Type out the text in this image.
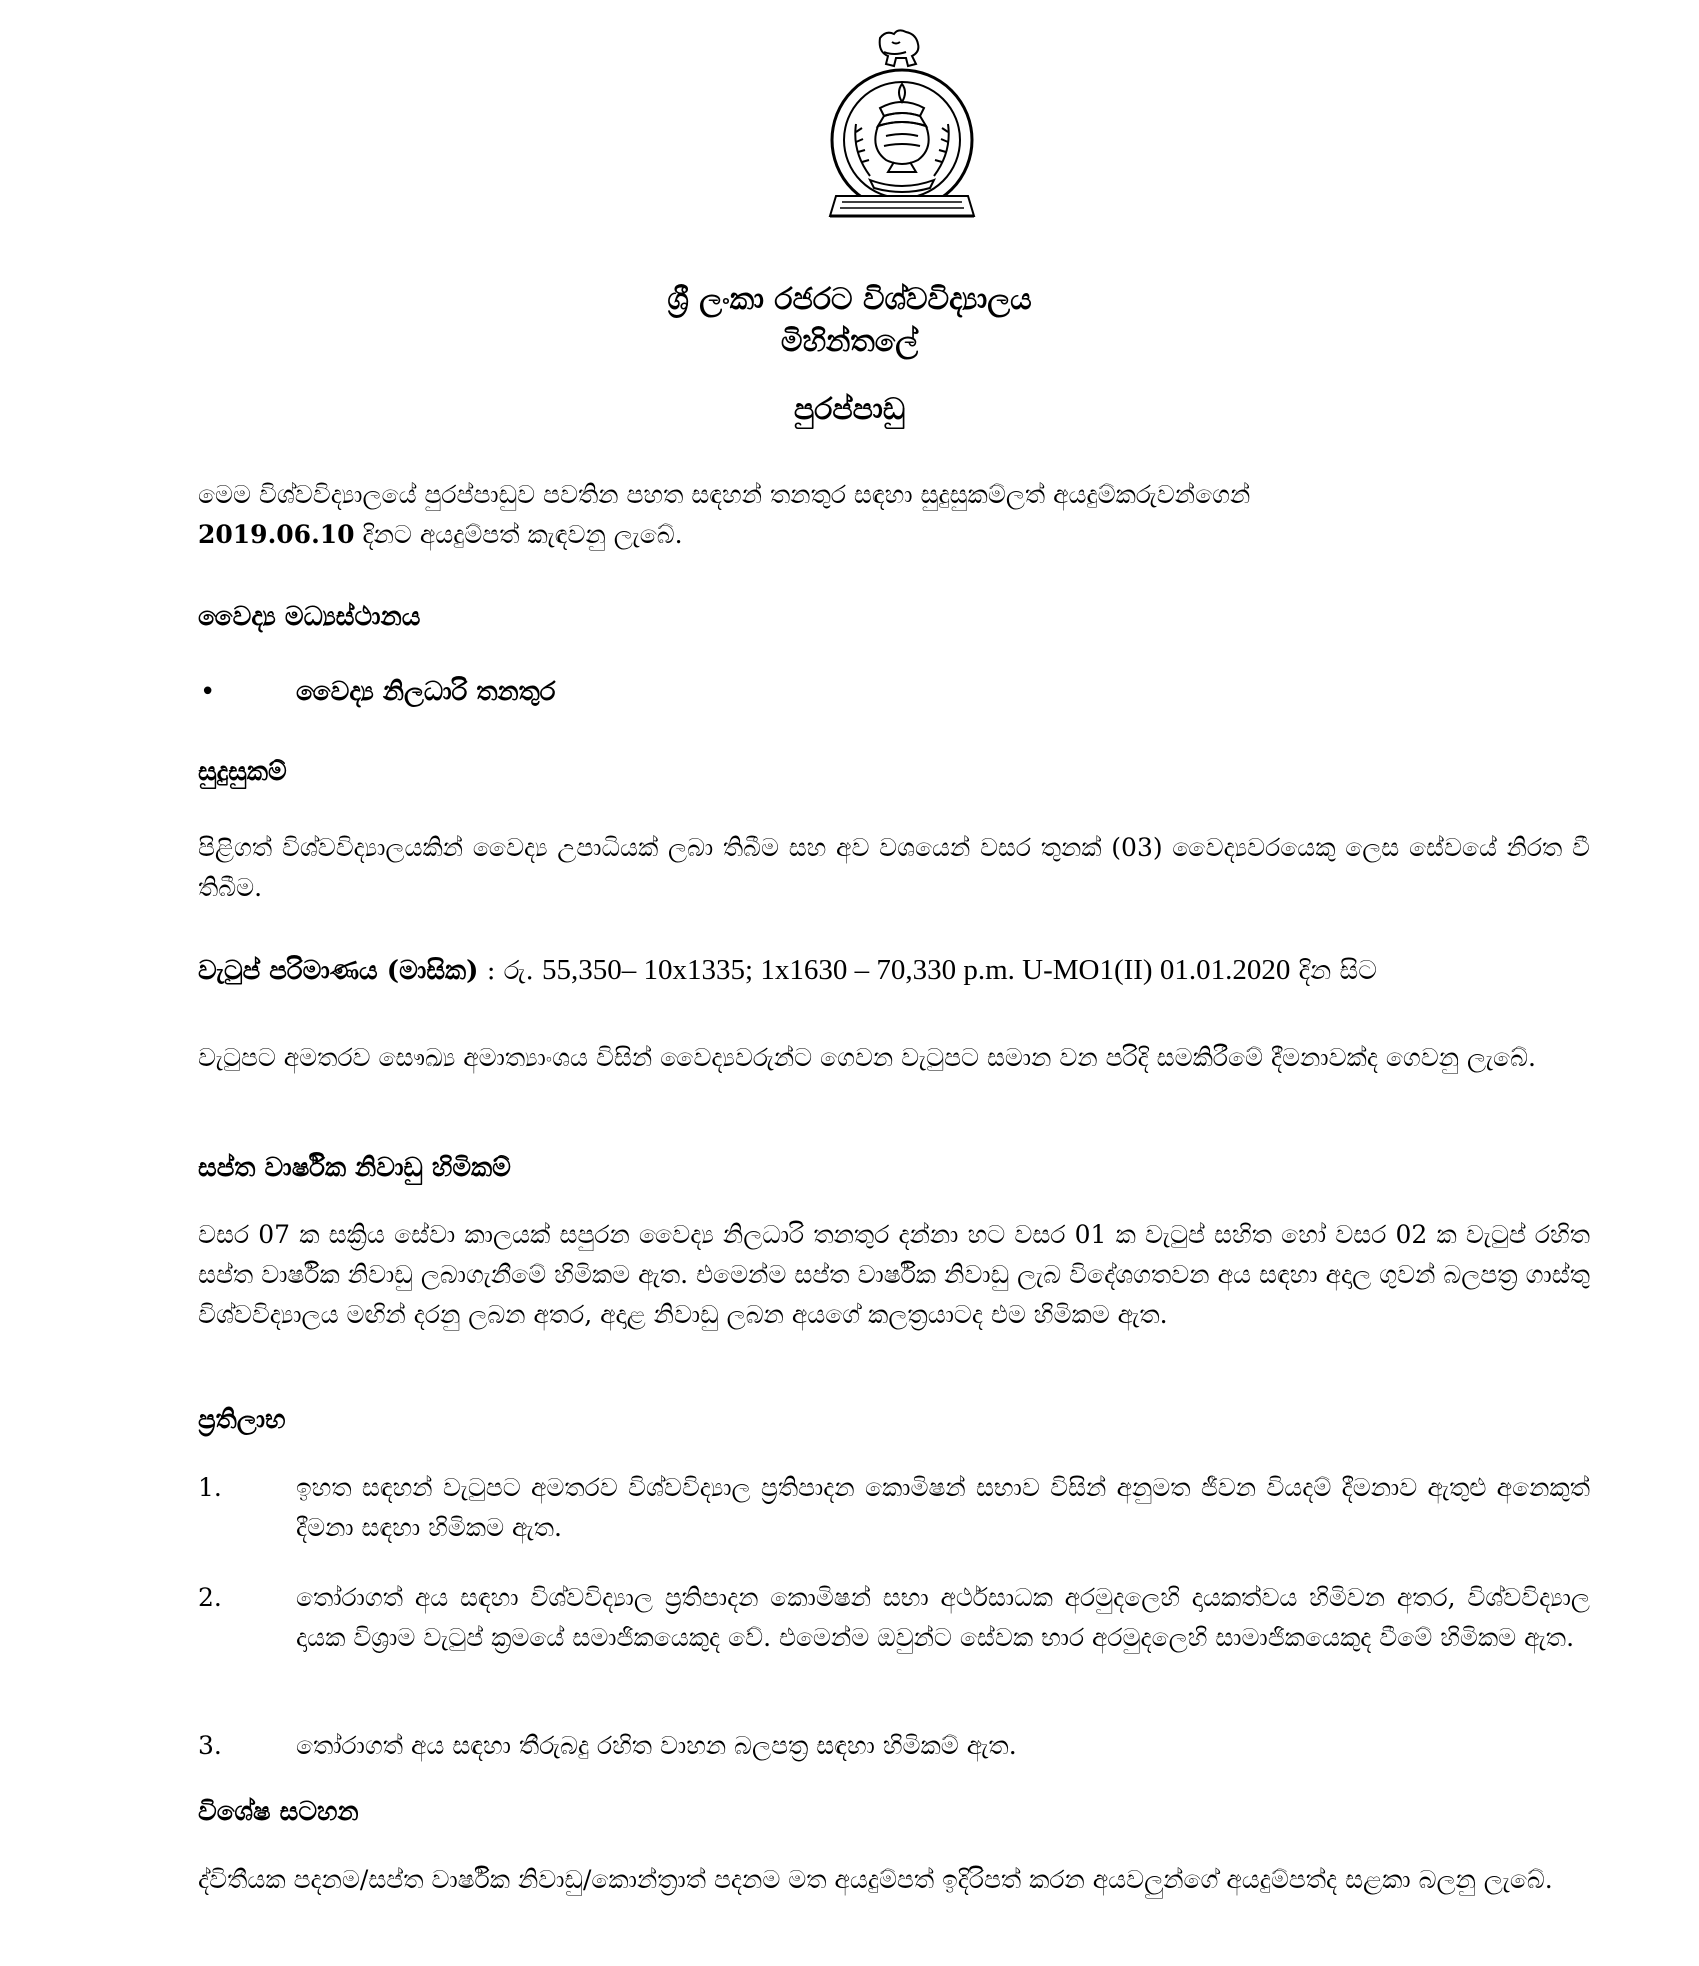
ශ්‍රී ලංකා රජරට විශ්වවිද්‍යාලය
මිහින්තලේ
පුරප්පාඩු
මෙම විශ්වවිද්‍යාලයේ පුරප්පාඩුව පවතින පහත සඳහන් තනතුර සඳහා සුදුසුකම්ලත් අයදුම්කරුවන්ගෙන්
2019.06.10 දිනට අයදුම්පත් කැඳවනු ලැබේ.
වෛද්‍ය මධ්‍යස්ථානය
•	වෛද්‍ය නිලධාරි තනතුර
සුදුසුකම්
පිළිගත් විශ්වවිද්‍යාලයකින් වෛද්‍ය උපාධියක් ලබා තිබීම සහ අව වශයෙන් වසර තුනක් (03) වෛද්‍යවරයෙකු ලෙස සේවයේ නිරත වී තිබීම.
වැටුප් පරිමාණය (මාසික) : රු. 55,350– 10x1335; 1x1630 – 70,330 p.m. U-MO1(II) 01.01.2020 දින සිට
වැටුපට අමතරව සෞඛ්‍ය අමාත්‍යාංශය විසින් වෛද්‍යවරුන්ට ගෙවන වැටුපට සමාන වන පරිදි සමකිරීමේ දීමනාවක්ද ගෙවනු ලැබේ.
සප්ත වාර්ෂික නිවාඩු හිමිකම්
වසර 07 ක සක්‍රිය සේවා කාලයක් සපුරන වෛද්‍ය නිලධාරි තනතුර දන්නා හට වසර 01 ක වැටුප් සහිත හෝ වසර 02 ක වැටුප් රහිත සප්ත වාර්ෂික නිවාඩු ලබාගැනීමේ හිමිකම ඇත. එමෙන්ම සප්ත වාර්ෂික නිවාඩු ලැබ විදේශගතවන අය සඳහා අදාල ගුවන් බලපත්‍ර ගාස්තු විශ්වවිද්‍යාලය මඟින් දරනු ලබන අතර, අදාළ නිවාඩු ලබන අයගේ කලත්‍රයාටද එම හිමිකම ඇත.
ප්‍රතිලාභ
1.	ඉහත සඳහන් වැටුපට අමතරව විශ්වවිද්‍යාල ප්‍රතිපාදන කොමිෂන් සභාව විසින් අනුමත ජීවන වියදම් දීමනාව ඇතුළු අනෙකුත් දීමනා සඳහා හිමිකම ඇත.
2.	තෝරාගත් අය සඳහා විශ්වවිද්‍යාල ප්‍රතිපාදන කොමිෂන් සභා අර්ථසාධක අරමුදලෙහි දායකත්වය හිමිවන අතර, විශ්වවිද්‍යාල දායක විශ්‍රාම වැටුප් ක්‍රමයේ සමාජිකයෙකුද වේ. එමෙන්ම ඔවුන්ට සේවක භාර අරමුදලෙහි සාමාජිකයෙකුද වීමේ හිමිකම ඇත.
3.	තෝරාගත් අය සඳහා තීරුබදු රහිත වාහන බලපත්‍ර සඳහා හිමිකම් ඇත.
විශේෂ සටහන
ද්විතීයක පදනම/සප්ත වාර්ෂික නිවාඩු/කොන්ත්‍රාත් පදනම මත අයදුම්පත් ඉදිරිපත් කරන අයවලුන්ගේ අයදුම්පත්ද සළකා බලනු ලැබේ.
